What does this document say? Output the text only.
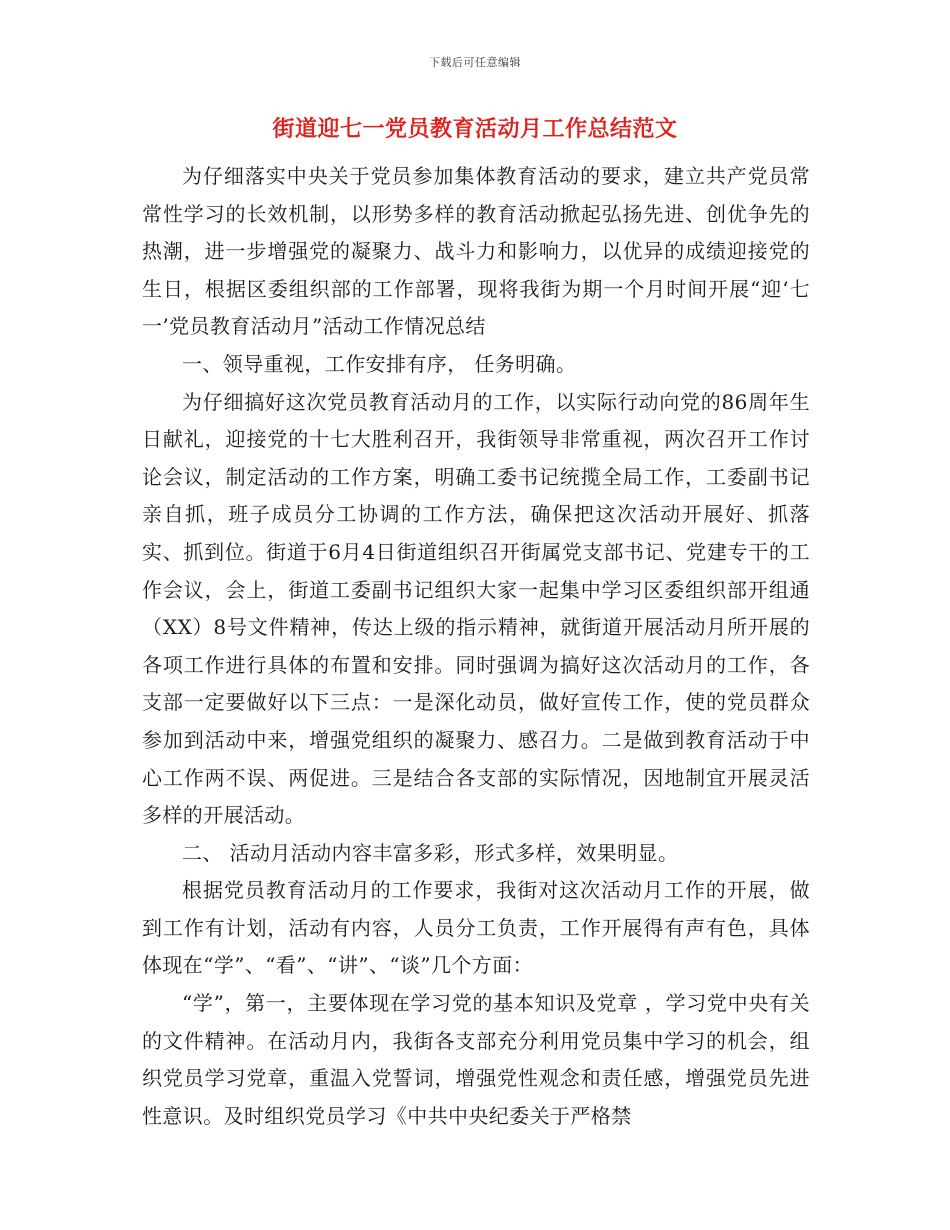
下载后可任意编辑
街道迎七一党员教育活动月工作总结范文

为仔细落实中央关于党员参加集体教育活动的要求，建立共产党员常常性学习的长效机制，以形势多样的教育活动掀起弘扬先进、创优争先的热潮，进一步增强党的凝聚力、战斗力和影响力，以优异的成绩迎接党的生日，根据区委组织部的工作部署，现将我街为期一个月时间开展“迎‘七一’党员教育活动月”活动工作情况总结

一、领导重视，工作安排有序， 任务明确。

为仔细搞好这次党员教育活动月的工作，以实际行动向党的86周年生日献礼，迎接党的十七大胜利召开，我街领导非常重视，两次召开工作讨论会议，制定活动的工作方案，明确工委书记统揽全局工作，工委副书记亲自抓，班子成员分工协调的工作方法，确保把这次活动开展好、抓落实、抓到位。街道于6月4日街道组织召开街属党支部书记、党建专干的工作会议，会上，街道工委副书记组织大家一起集中学习区委组织部开组通（XX）8号文件精神，传达上级的指示精神，就街道开展活动月所开展的各项工作进行具体的布置和安排。同时强调为搞好这次活动月的工作，各支部一定要做好以下三点：一是深化动员，做好宣传工作，使的党员群众参加到活动中来，增强党组织的凝聚力、感召力。二是做到教育活动于中心工作两不误、两促进。三是结合各支部的实际情况，因地制宜开展灵活多样的开展活动。

二、 活动月活动内容丰富多彩，形式多样，效果明显。

根据党员教育活动月的工作要求，我街对这次活动月工作的开展，做到工作有计划，活动有内容，人员分工负责，工作开展得有声有色，具体体现在“学”、“看”、“讲”、“谈”几个方面：

“学”，第一，主要体现在学习党的基本知识及党章 ，学习党中央有关的文件精神。在活动月内，我街各支部充分利用党员集中学习的机会，组织党员学习党章，重温入党誓词，增强党性观念和责任感，增强党员先进性意识。及时组织党员学习《中共中央纪委关于严格禁
